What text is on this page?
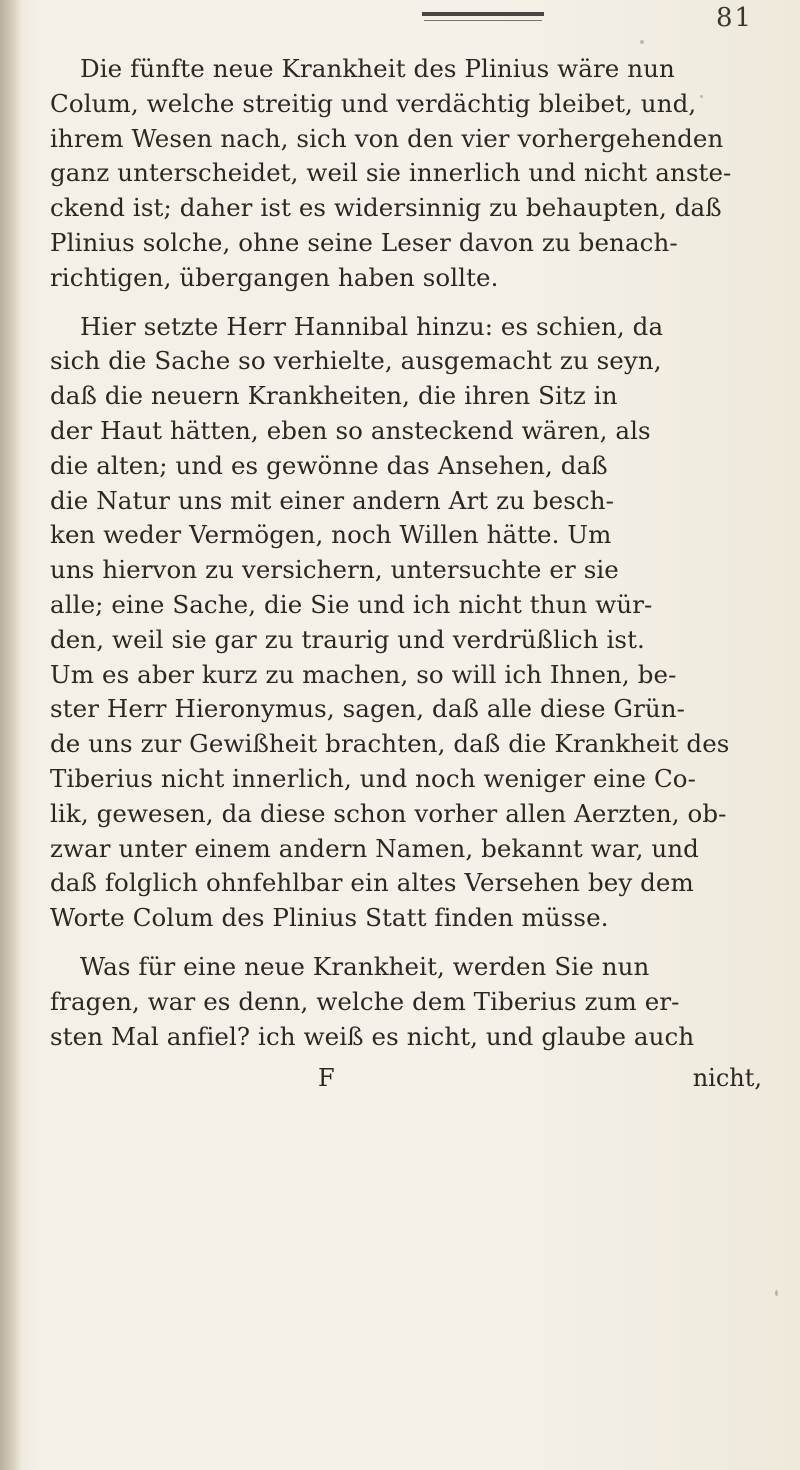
81

Die fünfte neue Krankheit des Plinius wäre nun

Colum, welche streitig und verdächtig bleibet, und,

ihrem Wesen nach, sich von den vier vorhergehenden

ganz unterscheidet, weil sie innerlich und nicht anste-

ckend ist; daher ist es widersinnig zu behaupten, daß

Plinius solche, ohne seine Leser davon zu benach-

richtigen, übergangen haben sollte.

Hier setzte Herr Hannibal hinzu: es schien, da

sich die Sache so verhielte, ausgemacht zu seyn,

daß die neuern Krankheiten, die ihren Sitz in

der Haut hätten, eben so ansteckend wären, als

die alten; und es gewönne das Ansehen, daß

die Natur uns mit einer andern Art zu besch-

ken weder Vermögen, noch Willen hätte. Um

uns hiervon zu versichern, untersuchte er sie

alle; eine Sache, die Sie und ich nicht thun wür-

den, weil sie gar zu traurig und verdrüßlich ist.

Um es aber kurz zu machen, so will ich Ihnen, be-

ster Herr Hieronymus, sagen, daß alle diese Grün-

de uns zur Gewißheit brachten, daß die Krankheit des

Tiberius nicht innerlich, und noch weniger eine Co-

lik, gewesen, da diese schon vorher allen Aerzten, ob-

zwar unter einem andern Namen, bekannt war, und

daß folglich ohnfehlbar ein altes Versehen bey dem

Worte Colum des Plinius Statt finden müsse.

Was für eine neue Krankheit, werden Sie nun

fragen, war es denn, welche dem Tiberius zum er-

sten Mal anfiel? ich weiß es nicht, und glaube auch

F	nicht,
